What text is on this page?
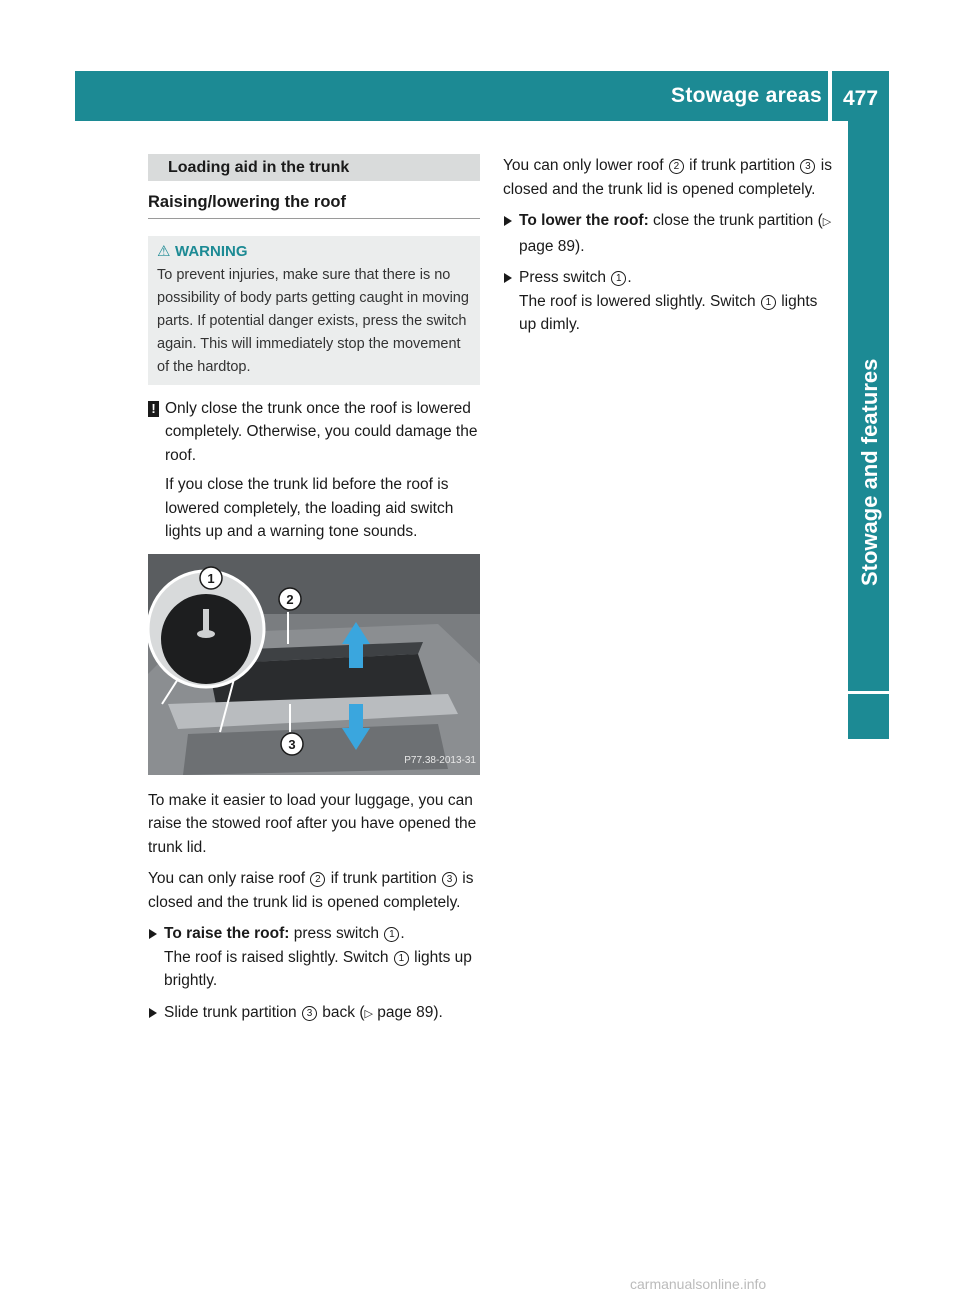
Stowage areas 477
Stowage and features
Loading aid in the trunk
Raising/lowering the roof
⚠ WARNING
To prevent injuries, make sure that there is no possibility of body parts getting caught in moving parts. If potential danger exists, press the switch again. This will immediately stop the movement of the hardtop.
! Only close the trunk once the roof is lowered completely. Otherwise, you could damage the roof.

If you close the trunk lid before the roof is lowered completely, the loading aid switch lights up and a warning tone sounds.

1
2
3
P77.38-2013-31

To make it easier to load your luggage, you can raise the stowed roof after you have opened the trunk lid.

You can only raise roof 2 if trunk partition 3 is closed and the trunk lid is opened completely.

To raise the roof: press switch 1 .

The roof is raised slightly. Switch 1 lights up brightly.

Slide trunk partition 3 back (▷ page 89).

You can only lower roof 2 if trunk partition 3 is closed and the trunk lid is opened completely.

To lower the roof: close the trunk partition (▷ page 89).

Press switch 1 .

The roof is lowered slightly. Switch 1 lights up dimly.

carmanualsonline.info
